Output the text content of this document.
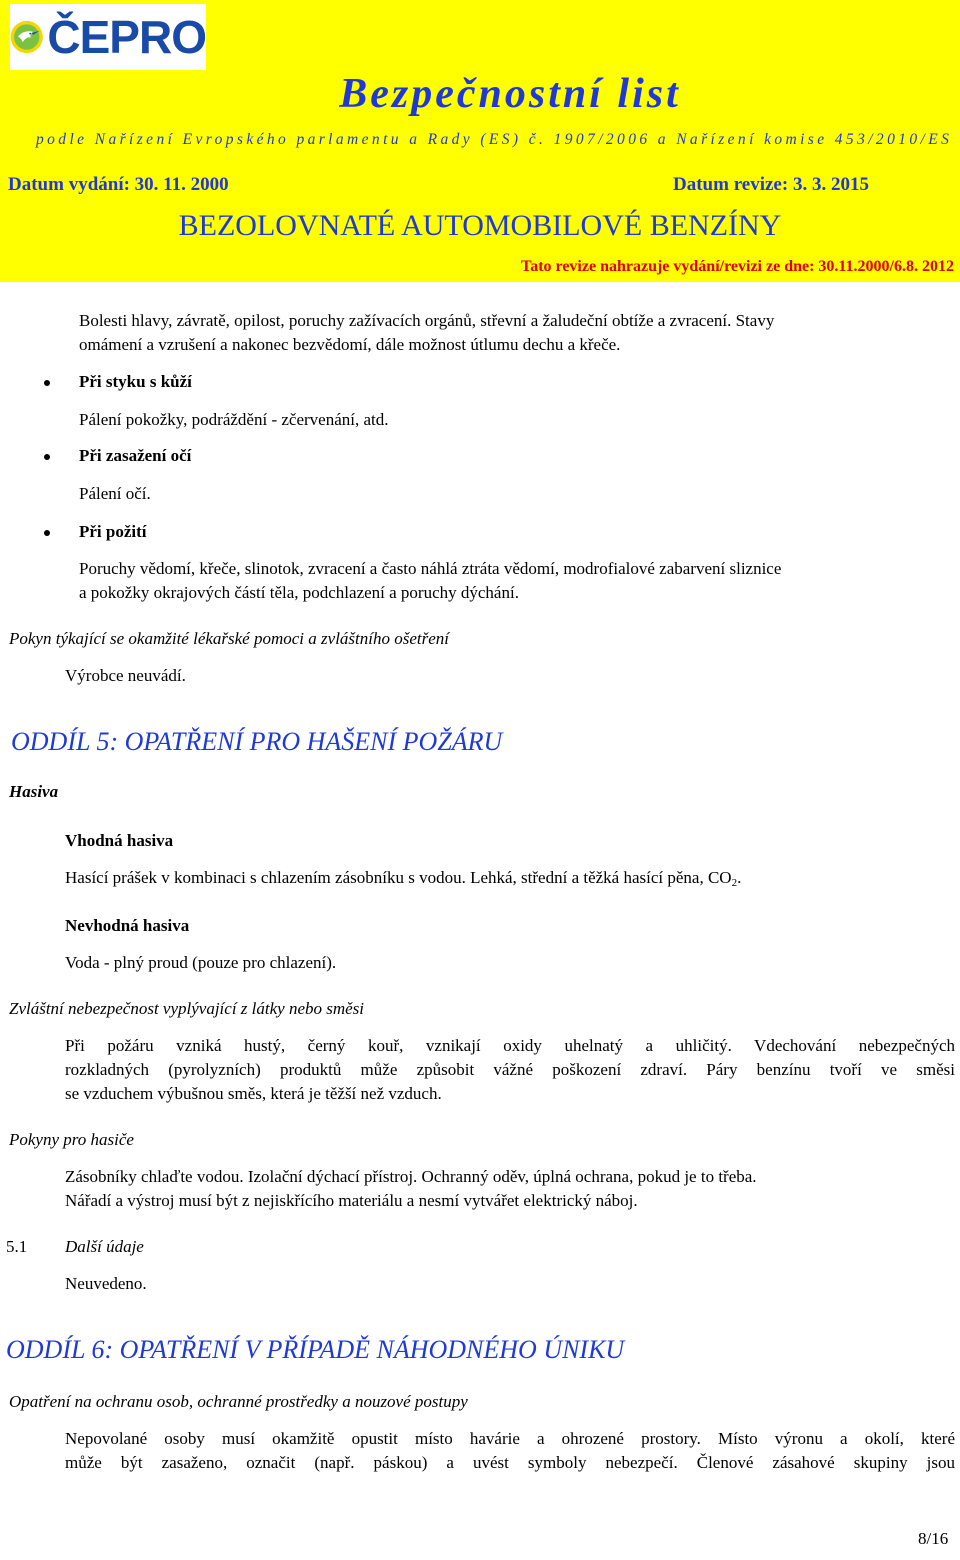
ČEPRO
Bezpečnostní list
podle Nařízení Evropského parlamentu a Rady (ES) č. 1907/2006 a Nařízení komise 453/2010/ES
Datum vydání: 30. 11. 2000	Datum revize: 3. 3. 2015
BEZOLOVNATÉ AUTOMOBILOVÉ BENZÍNY
Tato revize nahrazuje vydání/revizi ze dne: 30.11.2000/6.8. 2012
Bolesti hlavy, závratě, opilost, poruchy zažívacích orgánů, střevní a žaludeční obtíže a zvracení. Stavy
omámení a vzrušení a nakonec bezvědomí, dále možnost útlumu dechu a křeče.
Při styku s kůží
Pálení pokožky, podráždění - zčervenání, atd.
Při zasažení očí
Pálení očí.
Při požití
Poruchy vědomí, křeče, slinotok, zvracení a často náhlá ztráta vědomí, modrofialové zabarvení sliznice
a pokožky okrajových částí těla, podchlazení a poruchy dýchání.
Pokyn týkající se okamžité lékařské pomoci a zvláštního ošetření
Výrobce neuvádí.
ODDÍL 5: OPATŘENÍ PRO HAŠENÍ POŽÁRU
Hasiva
Vhodná hasiva
Hasící prášek v kombinaci s chlazením zásobníku s vodou. Lehká, střední a těžká hasící pěna, $CO_2$.
Nevhodná hasiva
Voda - plný proud (pouze pro chlazení).
Zvláštní nebezpečnost vyplývající z látky nebo směsi
Při požáru vzniká hustý, černý kouř, vznikají oxidy uhelnatý a uhličitý. Vdechování nebezpečných
rozkladných (pyrolyzních) produktů může způsobit vážné poškození zdraví. Páry benzínu tvoří ve směsi
se vzduchem výbušnou směs, která je těžší než vzduch.
Pokyny pro hasiče
Zásobníky chlaďte vodou. Izolační dýchací přístroj. Ochranný oděv, úplná ochrana, pokud je to třeba.
Nářadí a výstroj musí být z nejiskřícího materiálu a nesmí vytvářet elektrický náboj.
5.1 Další údaje
Neuvedeno.
ODDÍL 6: OPATŘENÍ V PŘÍPADĚ NÁHODNÉHO ÚNIKU
Opatření na ochranu osob, ochranné prostředky a nouzové postupy
Nepovolané osoby musí okamžitě opustit místo havárie a ohrozené prostory. Místo výronu a okolí, které
může být zasaženo, označit (např. páskou) a uvést symboly nebezpečí. Členové zásahové skupiny jsou
8/16
